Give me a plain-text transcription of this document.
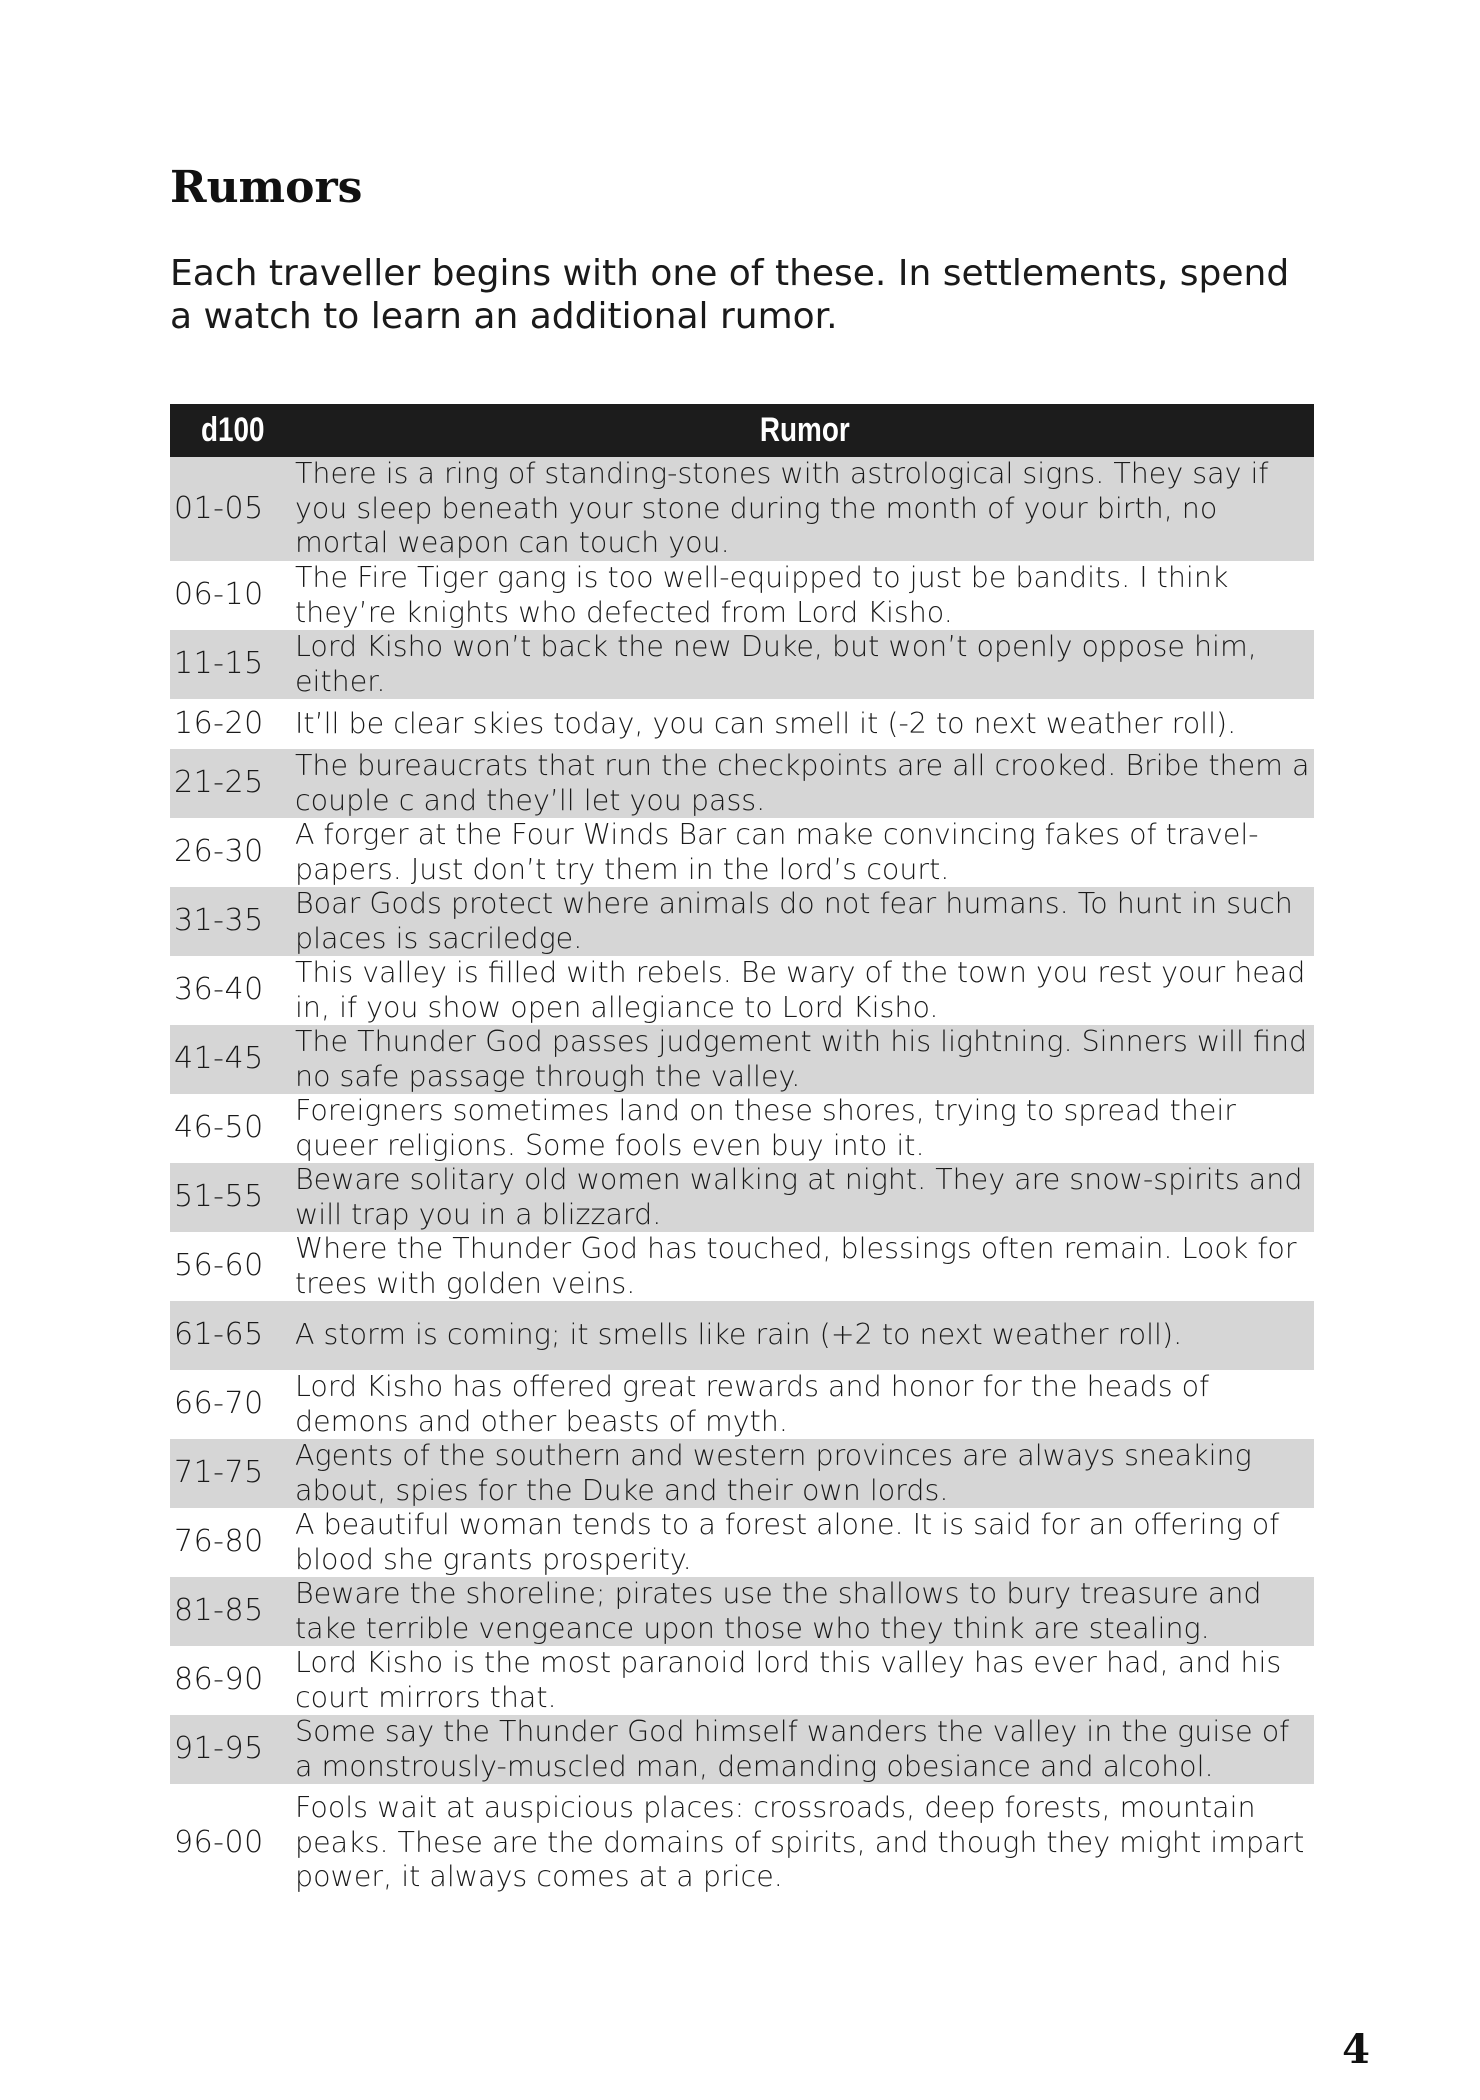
Rumors

Each traveller begins with one of these. In settlements, spend a watch to learn an additional rumor.

d100	Rumor
01-05	There is a ring of standing-stones with astrological signs. They say if you sleep beneath your stone during the month of your birth, no mortal weapon can touch you.
06-10	The Fire Tiger gang is too well-equipped to just be bandits. I think they’re knights who defected from Lord Kisho.
11-15	Lord Kisho won’t back the new Duke, but won’t openly oppose him, either.
16-20	It’ll be clear skies today, you can smell it (-2 to next weather roll).
21-25	The bureaucrats that run the checkpoints are all crooked. Bribe them a couple c and they’ll let you pass.
26-30	A forger at the Four Winds Bar can make convincing fakes of travel-papers. Just don’t try them in the lord’s court.
31-35	Boar Gods protect where animals do not fear humans. To hunt in such places is sacriledge.
36-40	This valley is filled with rebels. Be wary of the town you rest your head in, if you show open allegiance to Lord Kisho.
41-45	The Thunder God passes judgement with his lightning. Sinners will find no safe passage through the valley.
46-50	Foreigners sometimes land on these shores, trying to spread their queer religions. Some fools even buy into it.
51-55	Beware solitary old women walking at night. They are snow-spirits and will trap you in a blizzard.
56-60	Where the Thunder God has touched, blessings often remain. Look for trees with golden veins.
61-65	A storm is coming; it smells like rain (+2 to next weather roll).
66-70	Lord Kisho has offered great rewards and honor for the heads of demons and other beasts of myth.
71-75	Agents of the southern and western provinces are always sneaking about, spies for the Duke and their own lords.
76-80	A beautiful woman tends to a forest alone. It is said for an offering of blood she grants prosperity.
81-85	Beware the shoreline; pirates use the shallows to bury treasure and take terrible vengeance upon those who they think are stealing.
86-90	Lord Kisho is the most paranoid lord this valley has ever had, and his court mirrors that.
91-95	Some say the Thunder God himself wanders the valley in the guise of a monstrously-muscled man, demanding obesiance and alcohol.
96-00	Fools wait at auspicious places: crossroads, deep forests, mountain peaks. These are the domains of spirits, and though they might impart power, it always comes at a price.
4
